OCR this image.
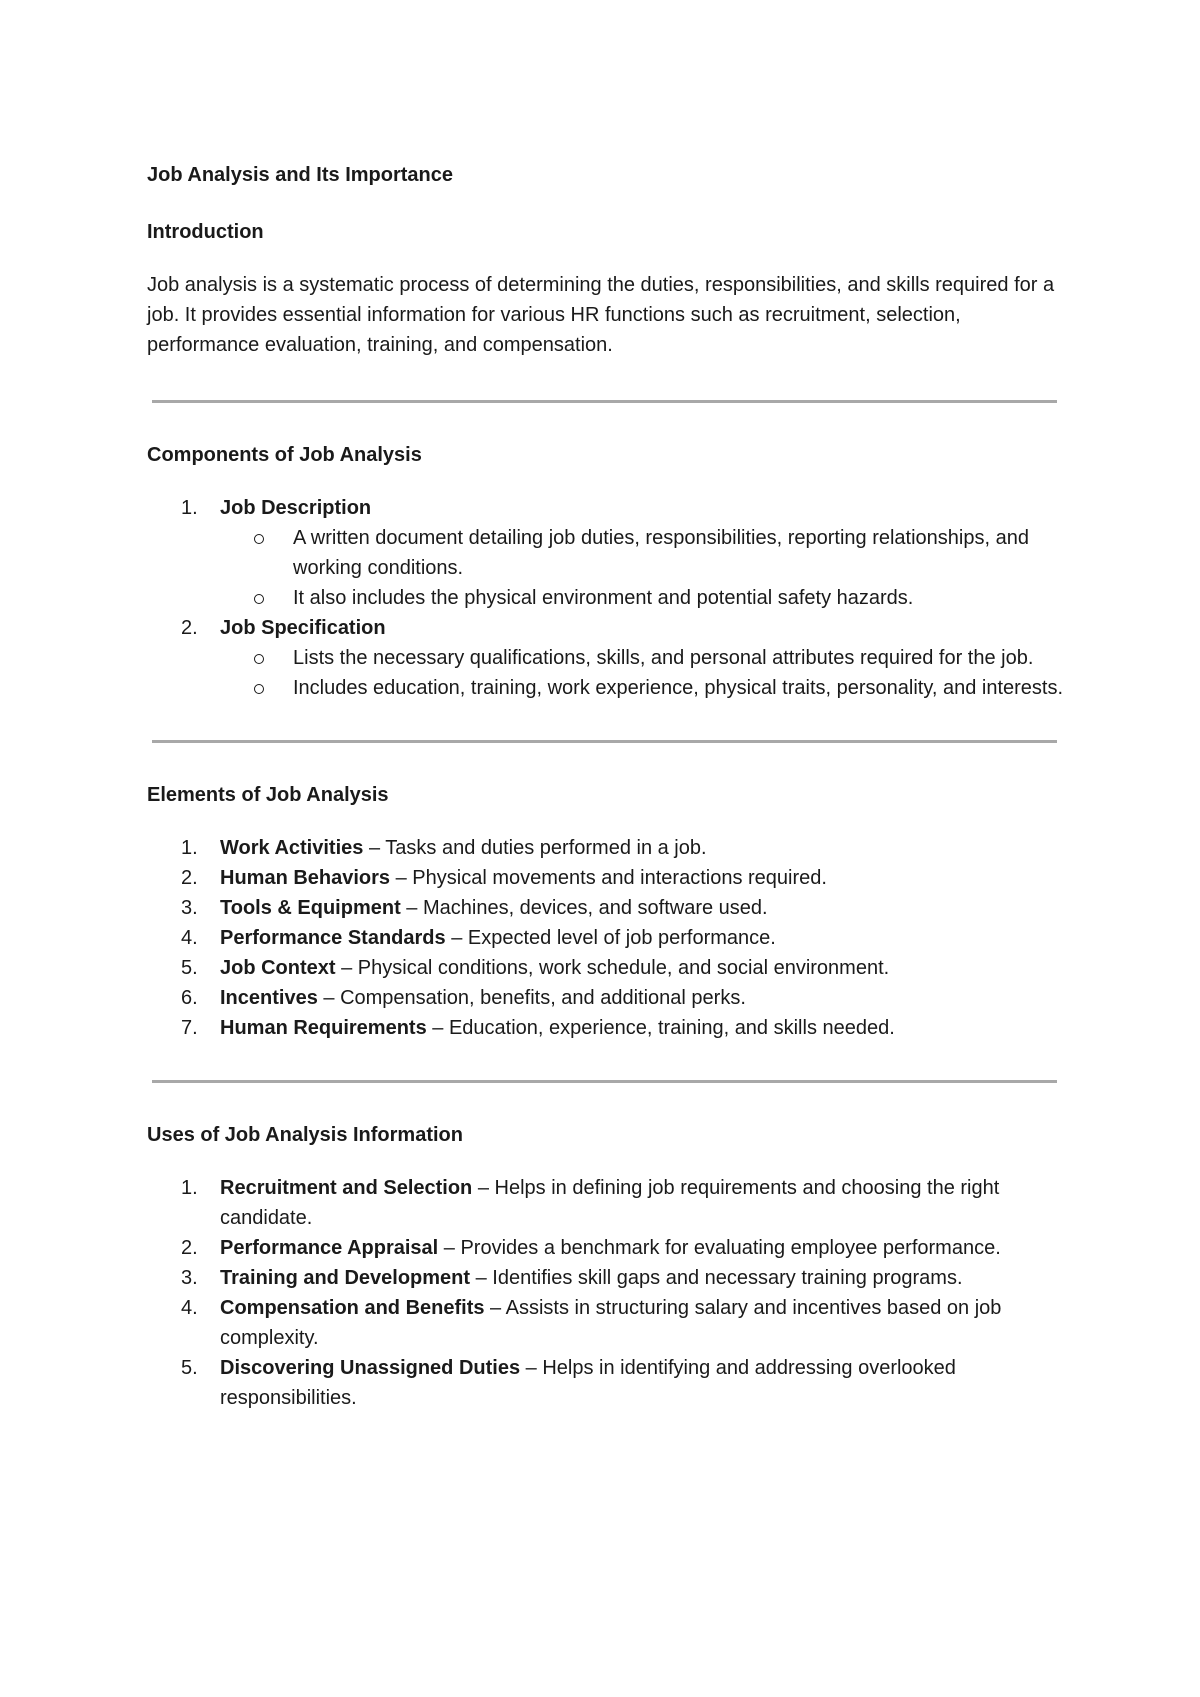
Job Analysis and Its Importance
Introduction

Job analysis is a systematic process of determining the duties, responsibilities, and skills required for a job. It provides essential information for various HR functions such as recruitment, selection, performance evaluation, training, and compensation.

Components of Job Analysis
1.	Job Description
A written document detailing job duties, responsibilities, reporting relationships, and working conditions.
It also includes the physical environment and potential safety hazards.
2.	Job Specification
Lists the necessary qualifications, skills, and personal attributes required for the job.
Includes education, training, work experience, physical traits, personality, and interests.
Elements of Job Analysis
1.	Work Activities – Tasks and duties performed in a job.
2.	Human Behaviors – Physical movements and interactions required.
3.	Tools & Equipment – Machines, devices, and software used.
4.	Performance Standards – Expected level of job performance.
5.	Job Context – Physical conditions, work schedule, and social environment.
6.	Incentives – Compensation, benefits, and additional perks.
7.	Human Requirements – Education, experience, training, and skills needed.
Uses of Job Analysis Information
1.	Recruitment and Selection – Helps in defining job requirements and choosing the right candidate.
2.	Performance Appraisal – Provides a benchmark for evaluating employee performance.
3.	Training and Development – Identifies skill gaps and necessary training programs.
4.	Compensation and Benefits – Assists in structuring salary and incentives based on job complexity.
5.	Discovering Unassigned Duties – Helps in identifying and addressing overlooked responsibilities.
